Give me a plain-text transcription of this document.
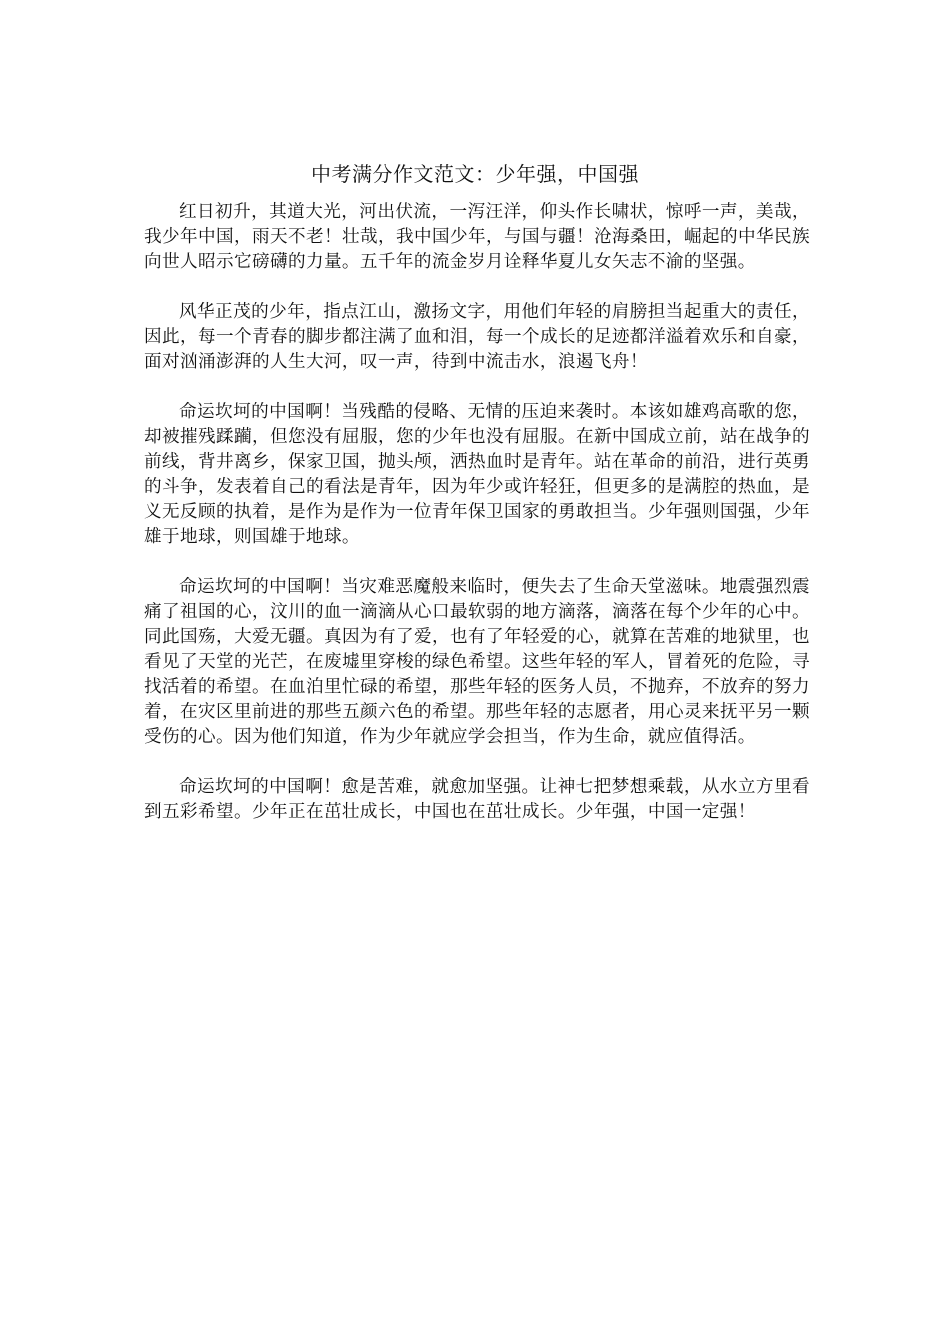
中考满分作文范文：少年强，中国强

红日初升，其道大光，河出伏流，一泻汪洋，仰头作长啸状，惊呼一声，美哉，我少年中国，雨天不老！壮哉，我中国少年，与国与疆！沧海桑田，崛起的中华民族向世人昭示它磅礴的力量。五千年的流金岁月诠释华夏儿女矢志不渝的坚强。

风华正茂的少年，指点江山，激扬文字，用他们年轻的肩膀担当起重大的责任，因此，每一个青春的脚步都注满了血和泪，每一个成长的足迹都洋溢着欢乐和自豪，面对汹涌澎湃的人生大河，叹一声，待到中流击水，浪遏飞舟！

命运坎坷的中国啊！当残酷的侵略、无情的压迫来袭时。本该如雄鸡高歌的您，却被摧残蹂躏，但您没有屈服，您的少年也没有屈服。在新中国成立前，站在战争的前线，背井离乡，保家卫国，抛头颅，洒热血时是青年。站在革命的前沿，进行英勇的斗争，发表着自己的看法是青年，因为年少或许轻狂，但更多的是满腔的热血，是义无反顾的执着，是作为是作为一位青年保卫国家的勇敢担当。少年强则国强，少年雄于地球，则国雄于地球。

命运坎坷的中国啊！当灾难恶魔般来临时，便失去了生命天堂滋味。地震强烈震痛了祖国的心，汶川的血一滴滴从心口最软弱的地方滴落，滴落在每个少年的心中。同此国殇，大爱无疆。真因为有了爱，也有了年轻爱的心，就算在苦难的地狱里，也看见了天堂的光芒，在废墟里穿梭的绿色希望。这些年轻的军人，冒着死的危险，寻找活着的希望。在血泊里忙碌的希望，那些年轻的医务人员，不抛弃，不放弃的努力着，在灾区里前进的那些五颜六色的希望。那些年轻的志愿者，用心灵来抚平另一颗受伤的心。因为他们知道，作为少年就应学会担当，作为生命，就应值得活。

命运坎坷的中国啊！愈是苦难，就愈加坚强。让神七把梦想乘载，从水立方里看到五彩希望。少年正在茁壮成长，中国也在茁壮成长。少年强，中国一定强！
